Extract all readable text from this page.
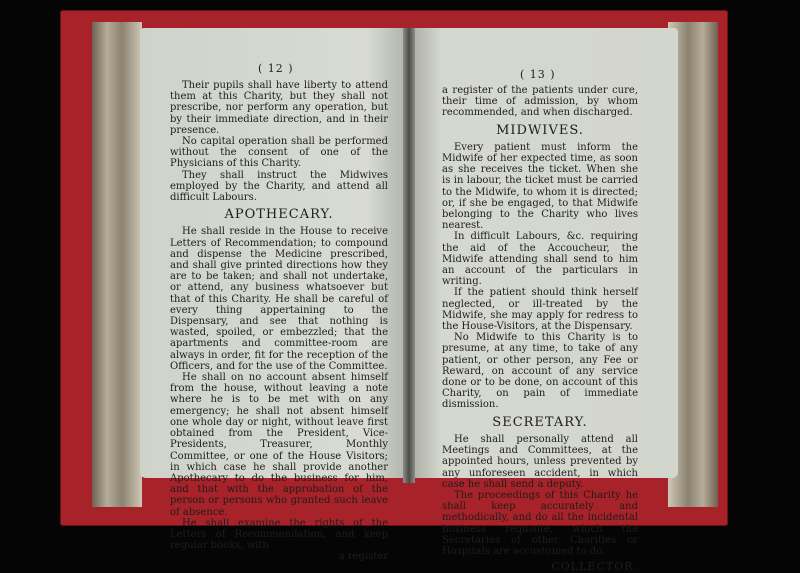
( 12 )

Their pupils shall have liberty to attend them at this Charity, but they shall not prescribe, nor perform any operation, but by their immediate direction, and in their presence.

No capital operation shall be performed without the consent of one of the Physicians of this Charity.

They shall instruct the Midwives employed by the Charity, and attend all difficult Labours.

APOTHECARY.

He shall reside in the House to receive Letters of Recommendation; to compound and dispense the Medicine prescribed, and shall give printed directions how they are to be taken; and shall not undertake, or attend, any business whatsoever but that of this Charity. He shall be careful of every thing appertaining to the Dispensary, and see that nothing is wasted, spoiled, or embezzled; that the apartments and committee-room are always in order, fit for the reception of the Officers, and for the use of the Committee.

He shall on no account absent himself from the house, without leaving a note where he is to be met with on any emergency; he shall not absent himself one whole day or night, without leave first obtained from the President, Vice-Presidents, Treasurer, Monthly Committee, or one of the House Visitors; in which case he shall provide another Apothecary to do the business for him, and that with the approbation of the person or persons who granted such leave of absence.

He shall examine the rights of the Letters of Recommendation, and keep regular books, with

a register

( 13 )

a register of the patients under cure, their time of admission, by whom recommended, and when discharged.

MIDWIVES.

Every patient must inform the Midwife of her expected time, as soon as she receives the ticket. When she is in labour, the ticket must be carried to the Midwife, to whom it is directed; or, if she be engaged, to that Midwife belonging to the Charity who lives nearest.

In difficult Labours, &c. requiring the aid of the Accoucheur, the Midwife attending shall send to him an account of the particulars in writing.

If the patient should think herself neglected, or ill-treated by the Midwife, she may apply for redress to the House-Visitors, at the Dispensary.

No Midwife to this Charity is to presume, at any time, to take of any patient, or other person, any Fee or Reward, on account of any service done or to be done, on account of this Charity, on pain of immediate dismission.

SECRETARY.

He shall personally attend all Meetings and Committees, at the appointed hours, unless prevented by any unforeseen accident, in which case he shall send a deputy.

The proceedings of this Charity he shall keep accurately and methodically, and do all the incidental business requisite, which the Secretaries of other Charities or Hospitals are accustomed to do.

COLLECTOR.
